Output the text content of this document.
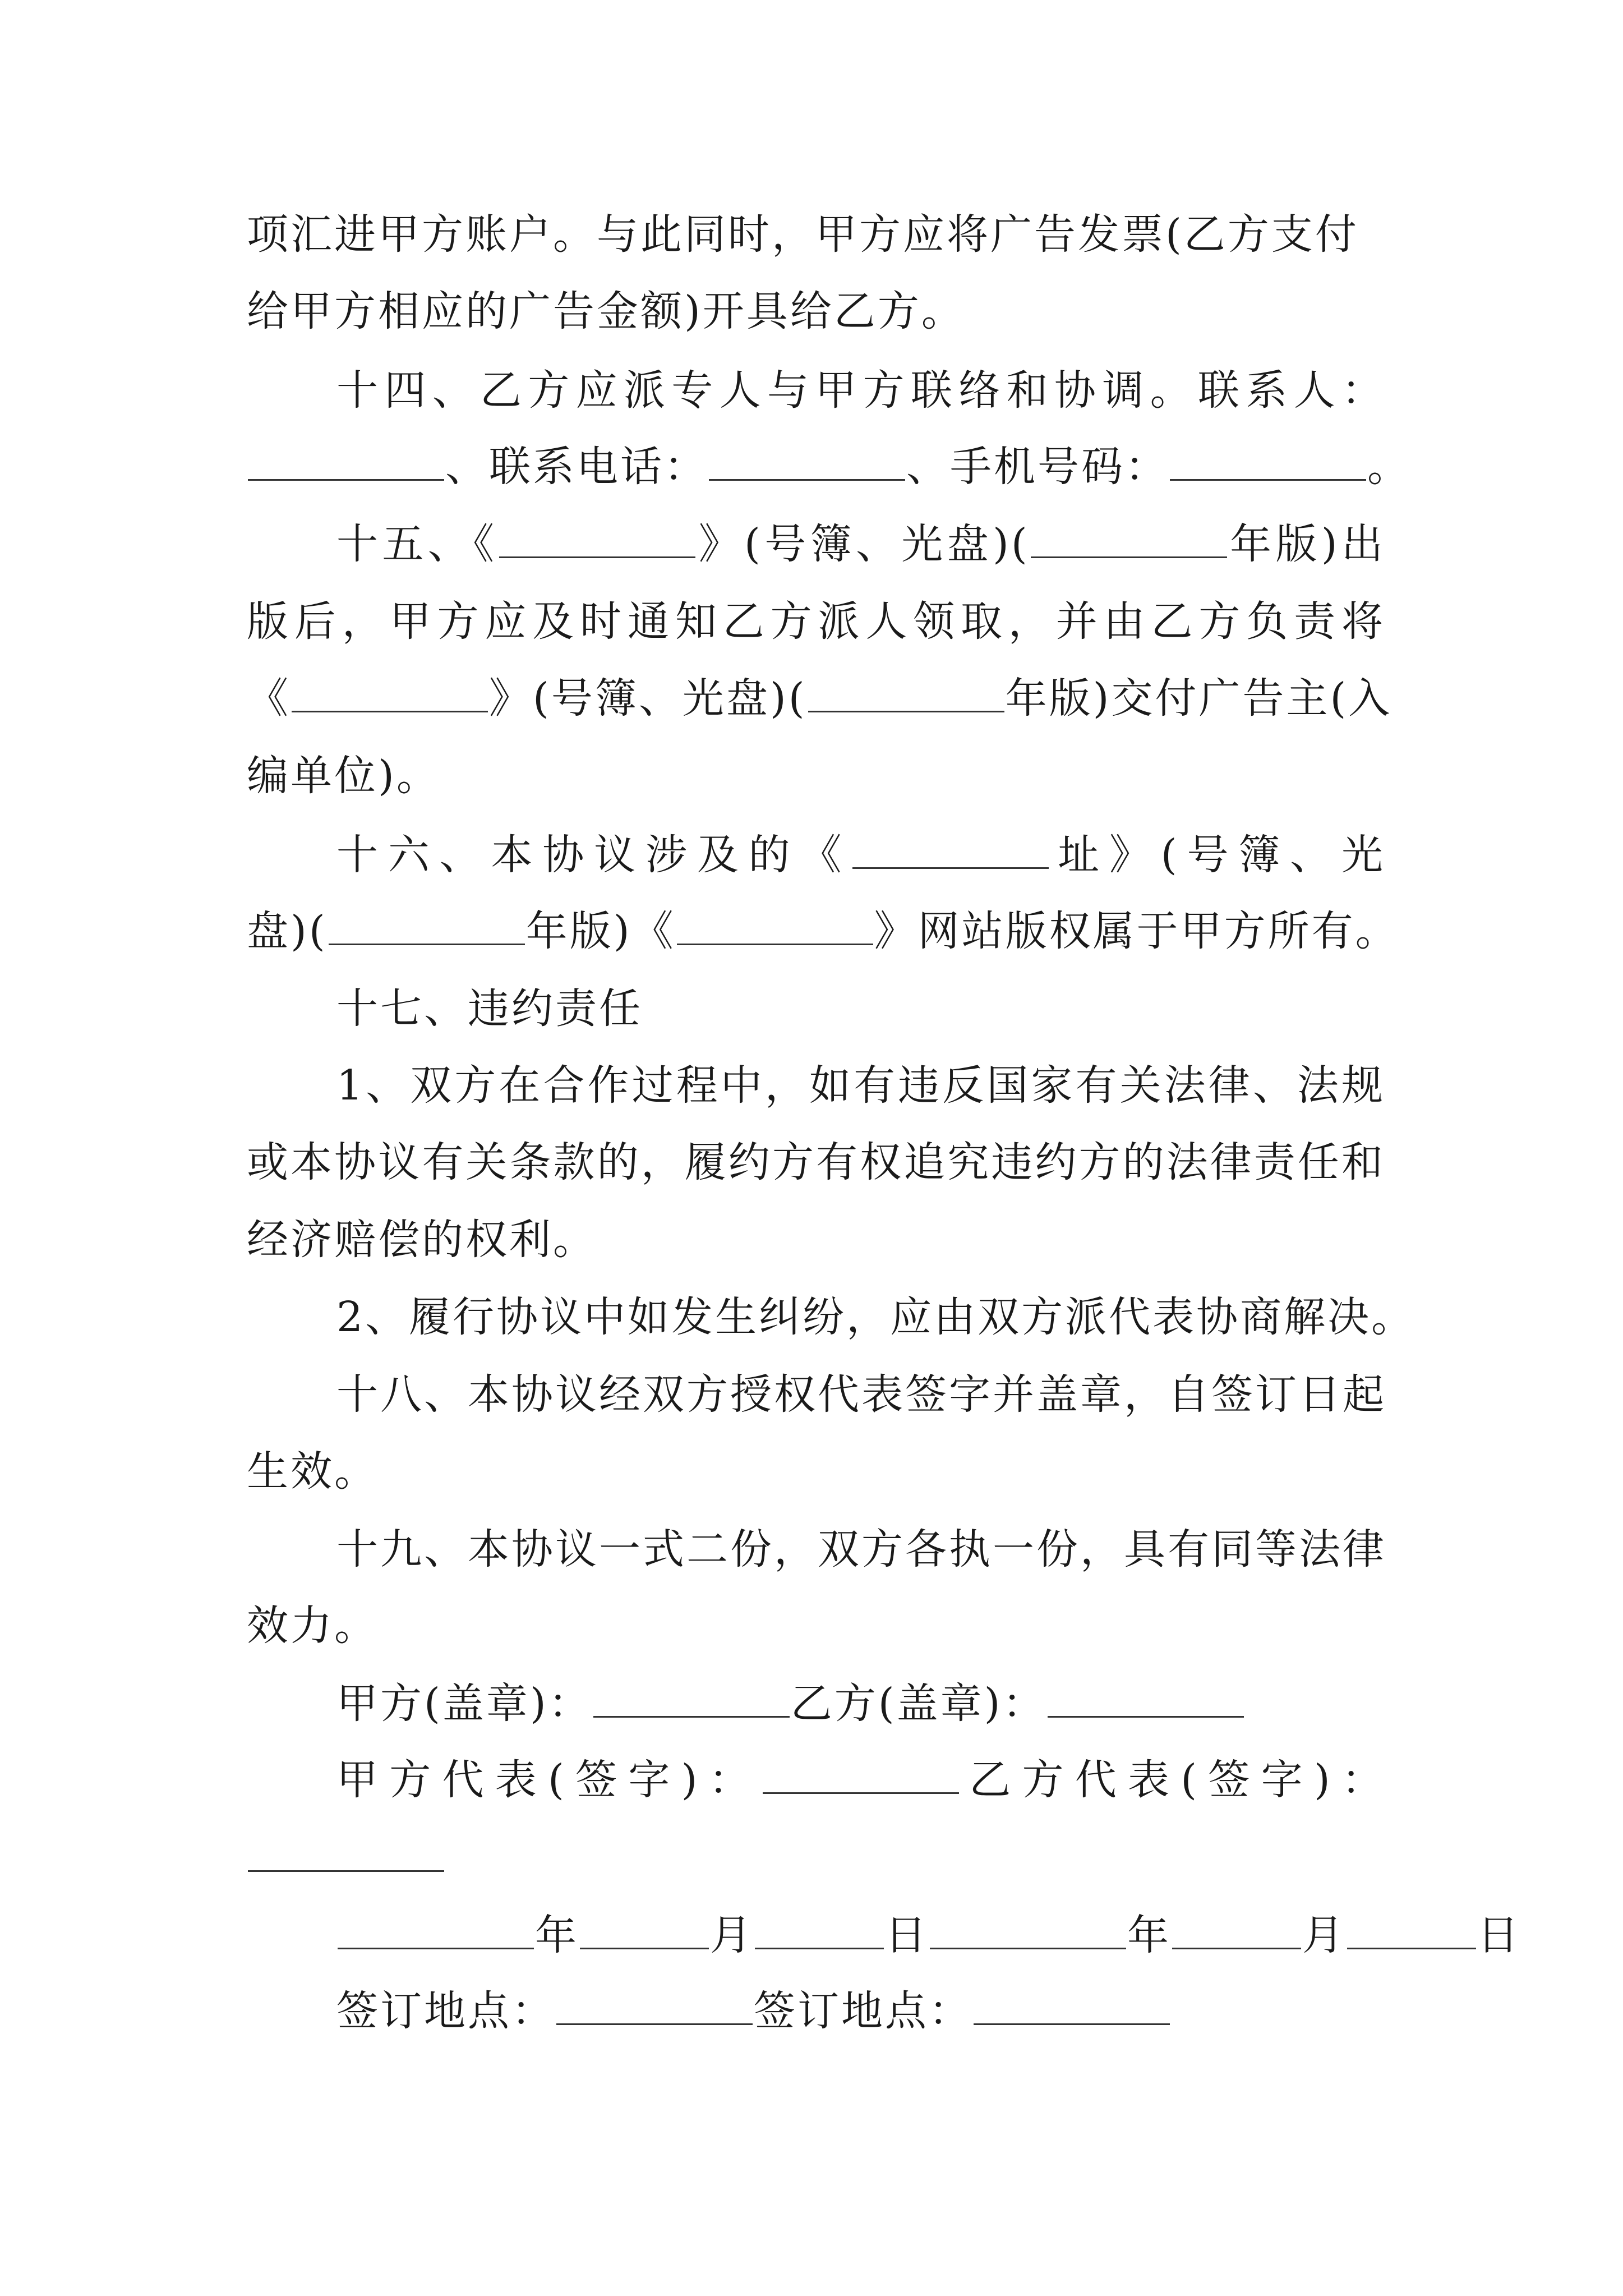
项汇进甲方账户。与此同时，甲方应将广告发票(乙方支付
给甲方相应的广告金额)开具给乙方。
十四、乙方应派专人与甲方联络和协调。联系人：
、联系电话：	、手机号码：	。
十五、《	》(号簿、光盘)(	年版)出
版后，甲方应及时通知乙方派人领取，并由乙方负责将
《	》(号簿、光盘)(	年版)交付广告主(入
编单位)。
十六、本协议涉及的《	址》(号簿、光
盘)(	年版)《	》网站版权属于甲方所有。
十七、违约责任
1、双方在合作过程中，如有违反国家有关法律、法规
或本协议有关条款的，履约方有权追究违约方的法律责任和
经济赔偿的权利。
2、履行协议中如发生纠纷，应由双方派代表协商解决。
十八、本协议经双方授权代表签字并盖章，自签订日起
生效。
十九、本协议一式二份，双方各执一份，具有同等法律
效力。
甲方(盖章)：	乙方(盖章)：
甲方代表(签字)：	乙方代表(签字)：
年	月	日	年	月	日
签订地点：	签订地点：
